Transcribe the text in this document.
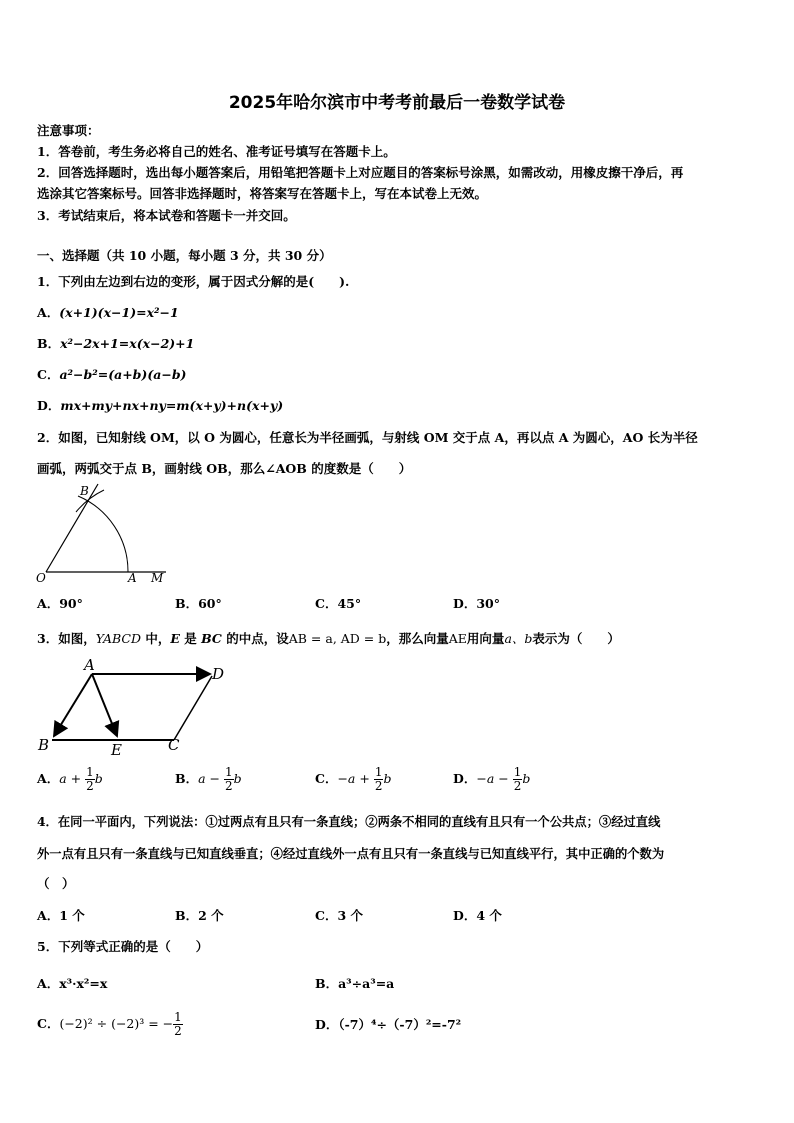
2025年哈尔滨市中考考前最后一卷数学试卷
注意事项：
1．答卷前，考生务必将自己的姓名、准考证号填写在答题卡上。
2．回答选择题时，选出每小题答案后，用铅笔把答题卡上对应题目的答案标号涂黑，如需改动，用橡皮擦干净后，再
选涂其它答案标号。回答非选择题时，将答案写在答题卡上，写在本试卷上无效。
3．考试结束后，将本试卷和答题卡一并交回。
一、选择题（共 10 小题，每小题 3 分，共 30 分）
1．下列由左边到右边的变形，属于因式分解的是(　　).
A．(x+1)(x−1)=x²−1
B．x²−2x+1=x(x−2)+1
C．a²−b²=(a+b)(a−b)
D．mx+my+nx+ny=m(x+y)+n(x+y)
2．如图，已知射线 OM，以 O 为圆心，任意长为半径画弧，与射线 OM 交于点 A，再以点 A 为圆心，AO 长为半径
画弧，两弧交于点 B，画射线 OB，那么∠AOB 的度数是（　　）
B
O	A M
A．90°	B．60°	C．45°	D．30°
3．如图，YABCD 中，E 是 BC 的中点，设AB = a, AD = b，那么向量AE用向量a、b表示为（　　）
A	D
B	E	C
A．$a + \frac{1}{2}$ b	B．$a - \frac{1}{2}$ b	C．$-a + \frac{1}{2}$ b	D．$-a - \frac{1}{2}$ b
4．在同一平面内，下列说法：①过两点有且只有一条直线；②两条不相同的直线有且只有一个公共点；③经过直线
外一点有且只有一条直线与已知直线垂直；④经过直线外一点有且只有一条直线与已知直线平行，其中正确的个数为
（　）
A．1 个	B．2 个	C．3 个	D．4 个
5．下列等式正确的是（　　）
A．x³·x²=x	B．a³÷a³=a
C．(−2)² ÷ (−2)³ = − $\frac{1}{2}$	D．（-7）⁴÷（-7）²=-7²
